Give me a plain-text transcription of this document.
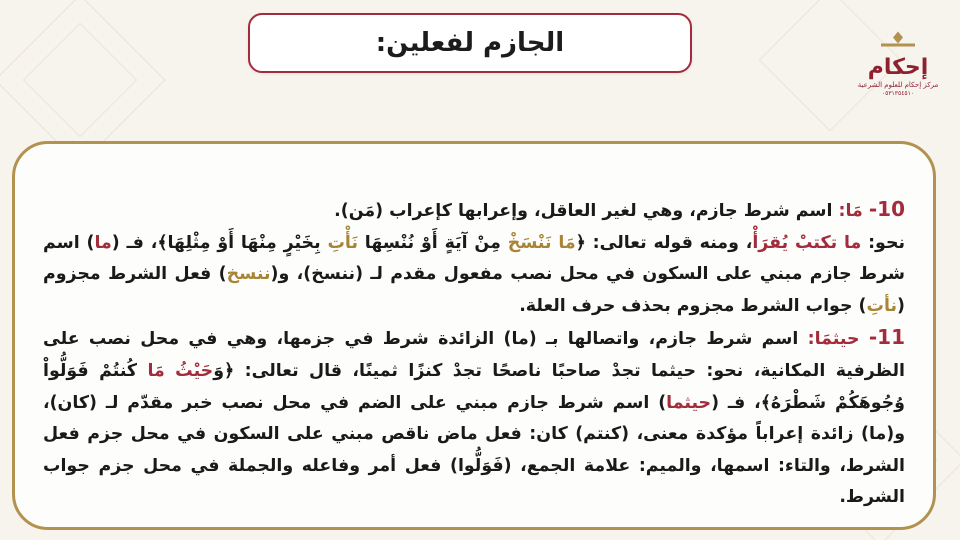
الجازم لفعلين:
إحكام
مركز إحكام للعلوم الشرعية
٠٥٣١٣٥٤٥١٠

10- مَا: اسم شرط جازم، وهي لغير العاقل، وإعرابها كإعراب (مَن).
نحو: ما تكتبْ يُقرَأْ، ومنه قوله تعالى: ﴿مَا نَنْسَخْ مِنْ آيَةٍ أَوْ نُنْسِهَا نَأْتِ بِخَيْرٍ مِنْهَا أَوْ مِثْلِهَا﴾، فـ (ما) اسم شرط جازم مبني على السكون في محل نصب مفعول مقدم لـ (ننسخ)، و(ننسخ) فعل الشرط مجزوم (نأتِ) جواب الشرط مجزوم بحذف حرف العلة.

11- حيثمَا: اسم شرط جازم، واتصالها بـ (ما) الزائدة شرط في جزمها، وهي في محل نصب على الظرفية المكانية، نحو: حيثما تجدْ صاحبًا ناصحًا تجدْ كنزًا ثمينًا، قال تعالى: ﴿وَحَيْثُ مَا كُنتُمْ فَوَلُّواْ وُجُوهَكُمْ شَطْرَهُ﴾، فـ (حيثما) اسم شرط جازم مبني على الضم في محل نصب خبر مقدّم لـ (كان)، و(ما) زائدة إعراباً مؤكدة معنى، (كنتم) كان: فعل ماض ناقص مبني على السكون في محل جزم فعل الشرط، والتاء: اسمها، والميم: علامة الجمع، (فَوَلُّوا) فعل أمر وفاعله والجملة في محل جزم جواب الشرط.
